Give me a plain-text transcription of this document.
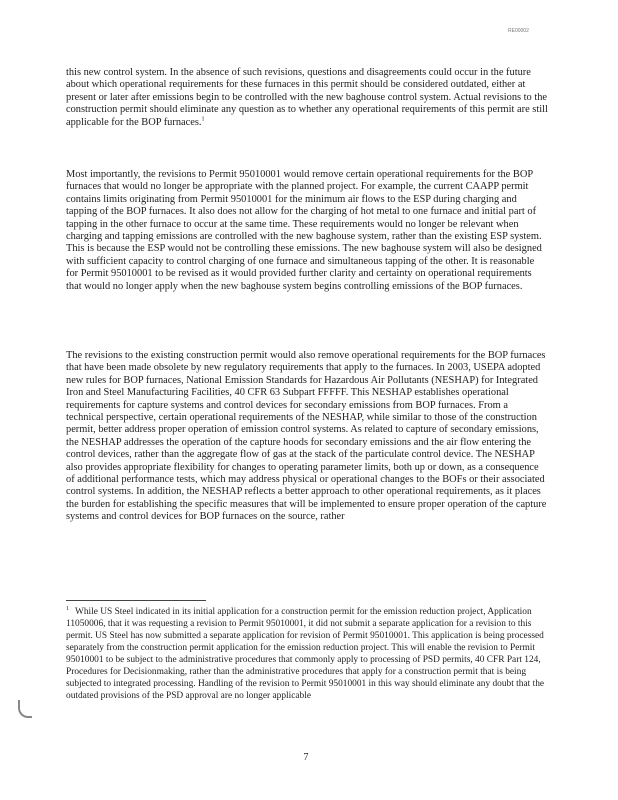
RE00002

this new control system. In the absence of such revisions, questions and disagreements could occur in the future about which operational requirements for these furnaces in this permit should be considered outdated, either at present or later after emissions begin to be controlled with the new baghouse control system. Actual revisions to the construction permit should eliminate any question as to whether any operational requirements of this permit are still applicable for the BOP furnaces.$^1$

Most importantly, the revisions to Permit 95010001 would remove certain operational requirements for the BOP furnaces that would no longer be appropriate with the planned project. For example, the current CAAPP permit contains limits originating from Permit 95010001 for the minimum air flows to the ESP during charging and tapping of the BOP furnaces. It also does not allow for the charging of hot metal to one furnace and initial part of tapping in the other furnace to occur at the same time. These requirements would no longer be relevant when charging and tapping emissions are controlled with the new baghouse system, rather than the existing ESP system. This is because the ESP would not be controlling these emissions. The new baghouse system will also be designed with sufficient capacity to control charging of one furnace and simultaneous tapping of the other. It is reasonable for Permit 95010001 to be revised as it would provided further clarity and certainty on operational requirements that would no longer apply when the new baghouse system begins controlling emissions of the BOP furnaces.

The revisions to the existing construction permit would also remove operational requirements for the BOP furnaces that have been made obsolete by new regulatory requirements that apply to the furnaces. In 2003, USEPA adopted new rules for BOP furnaces, National Emission Standards for Hazardous Air Pollutants (NESHAP) for Integrated Iron and Steel Manufacturing Facilities, 40 CFR 63 Subpart FFFFF. This NESHAP establishes operational requirements for capture systems and control devices for secondary emissions from BOP furnaces. From a technical perspective, certain operational requirements of the NESHAP, while similar to those of the construction permit, better address proper operation of emission control systems. As related to capture of secondary emissions, the NESHAP addresses the operation of the capture hoods for secondary emissions and the air flow entering the control devices, rather than the aggregate flow of gas at the stack of the particulate control device. The NESHAP also provides appropriate flexibility for changes to operating parameter limits, both up or down, as a consequence of additional performance tests, which may address physical or operational changes to the BOFs or their associated control systems. In addition, the NESHAP reflects a better approach to other operational requirements, as it places the burden for establishing the specific measures that will be implemented to ensure proper operation of the capture systems and control devices for BOP furnaces on the source, rather

$^1$ While US Steel indicated in its initial application for a construction permit for the emission reduction project, Application 11050006, that it was requesting a revision to Permit 95010001, it did not submit a separate application for a revision to this permit. US Steel has now submitted a separate application for revision of Permit 95010001. This application is being processed separately from the construction permit application for the emission reduction project. This will enable the revision to Permit 95010001 to be subject to the administrative procedures that commonly apply to processing of PSD permits, 40 CFR Part 124, Procedures for Decisionmaking, rather than the administrative procedures that apply for a construction permit that is being subjected to integrated processing. Handling of the revision to Permit 95010001 in this way should eliminate any doubt that the outdated provisions of the PSD approval are no longer applicable

7
